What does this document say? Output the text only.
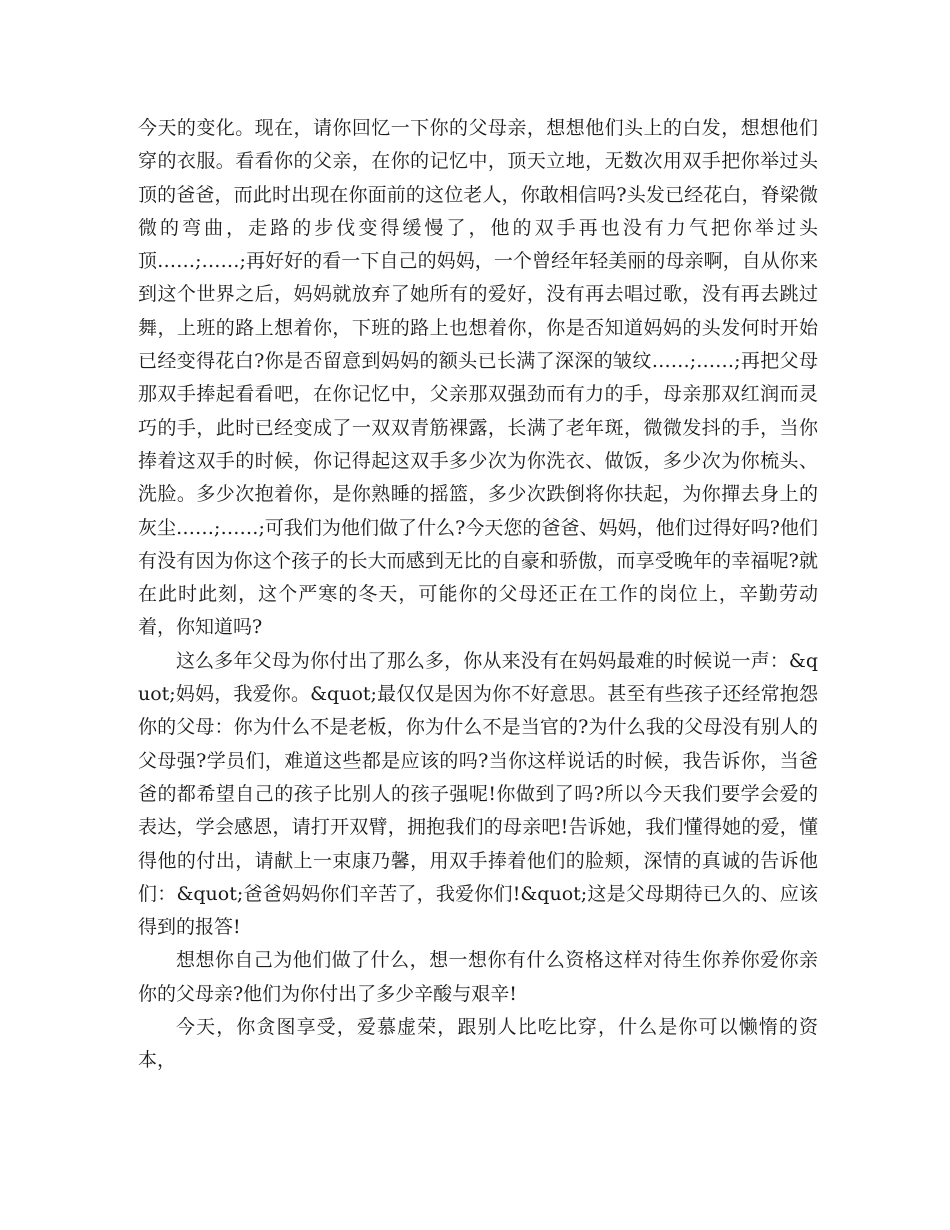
今天的变化。现在，请你回忆一下你的父母亲，想想他们头上的白发，想想他们穿的衣服。看看你的父亲，在你的记忆中，顶天立地，无数次用双手把你举过头顶的爸爸，而此时出现在你面前的这位老人，你敢相信吗?头发已经花白，脊梁微微的弯曲，走路的步伐变得缓慢了，他的双手再也没有力气把你举过头顶……;……;再好好的看一下自己的妈妈，一个曾经年轻美丽的母亲啊，自从你来到这个世界之后，妈妈就放弃了她所有的爱好，没有再去唱过歌，没有再去跳过舞，上班的路上想着你，下班的路上也想着你，你是否知道妈妈的头发何时开始已经变得花白?你是否留意到妈妈的额头已长满了深深的皱纹……;……;再把父母那双手捧起看看吧，在你记忆中，父亲那双强劲而有力的手，母亲那双红润而灵巧的手，此时已经变成了一双双青筋裸露，长满了老年斑，微微发抖的手，当你捧着这双手的时候，你记得起这双手多少次为你洗衣、做饭，多少次为你梳头、洗脸。多少次抱着你，是你熟睡的摇篮，多少次跌倒将你扶起，为你撣去身上的灰尘……;……;可我们为他们做了什么?今天您的爸爸、妈妈，他们过得好吗?他们有没有因为你这个孩子的长大而感到无比的自豪和骄傲，而享受晚年的幸福呢?就在此时此刻，这个严寒的冬天，可能你的父母还正在工作的岗位上，辛勤劳动着，你知道吗?

这么多年父母为你付出了那么多，你从来没有在妈妈最难的时候说一声：&quot;妈妈，我爱你。&quot;最仅仅是因为你不好意思。甚至有些孩子还经常抱怨你的父母：你为什么不是老板，你为什么不是当官的?为什么我的父母没有别人的父母强?学员们，难道这些都是应该的吗?当你这样说话的时候，我告诉你，当爸爸的都希望自己的孩子比别人的孩子强呢!你做到了吗?所以今天我们要学会爱的表达，学会感恩，请打开双臂，拥抱我们的母亲吧!告诉她，我们懂得她的爱，懂得他的付出，请献上一束康乃馨，用双手捧着他们的脸颊，深情的真诚的告诉他们：&quot;爸爸妈妈你们辛苦了，我爱你们!&quot;这是父母期待已久的、应该得到的报答!

想想你自己为他们做了什么，想一想你有什么资格这样对待生你养你爱你亲你的父母亲?他们为你付出了多少辛酸与艰辛!

今天，你贪图享受，爱慕虚荣，跟别人比吃比穿，什么是你可以懒惰的资本，
